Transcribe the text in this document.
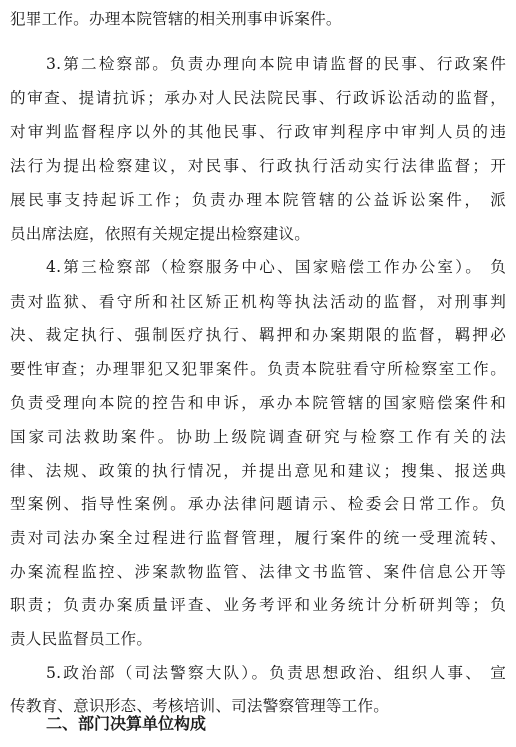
犯罪工作。办理本院管辖的相关刑事申诉案件。
3.第二检察部。负责办理向本院申请监督的民事、行政案件
的审查、提请抗诉；承办对人民法院民事、行政诉讼活动的监督，
对审判监督程序以外的其他民事、行政审判程序中审判人员的违
法行为提出检察建议，对民事、行政执行活动实行法律监督；开
展民事支持起诉工作；负责办理本院管辖的公益诉讼案件， 派
员出席法庭，依照有关规定提出检察建议。
4.第三检察部（检察服务中心、国家赔偿工作办公室）。 负
责对监狱、看守所和社区矫正机构等执法活动的监督，对刑事判
决、裁定执行、强制医疗执行、羁押和办案期限的监督，羁押必
要性审查；办理罪犯又犯罪案件。负责本院驻看守所检察室工作。
负责受理向本院的控告和申诉，承办本院管辖的国家赔偿案件和
国家司法救助案件。协助上级院调查研究与检察工作有关的法
律、法规、政策的执行情况，并提出意见和建议；搜集、报送典
型案例、指导性案例。承办法律问题请示、检委会日常工作。负
责对司法办案全过程进行监督管理，履行案件的统一受理流转、
办案流程监控、涉案款物监管、法律文书监管、案件信息公开等
职责；负责办案质量评查、业务考评和业务统计分析研判等；负
责人民监督员工作。
5.政治部（司法警察大队）。负责思想政治、组织人事、 宣
传教育、意识形态、考核培训、司法警察管理等工作。
二、部门决算单位构成
